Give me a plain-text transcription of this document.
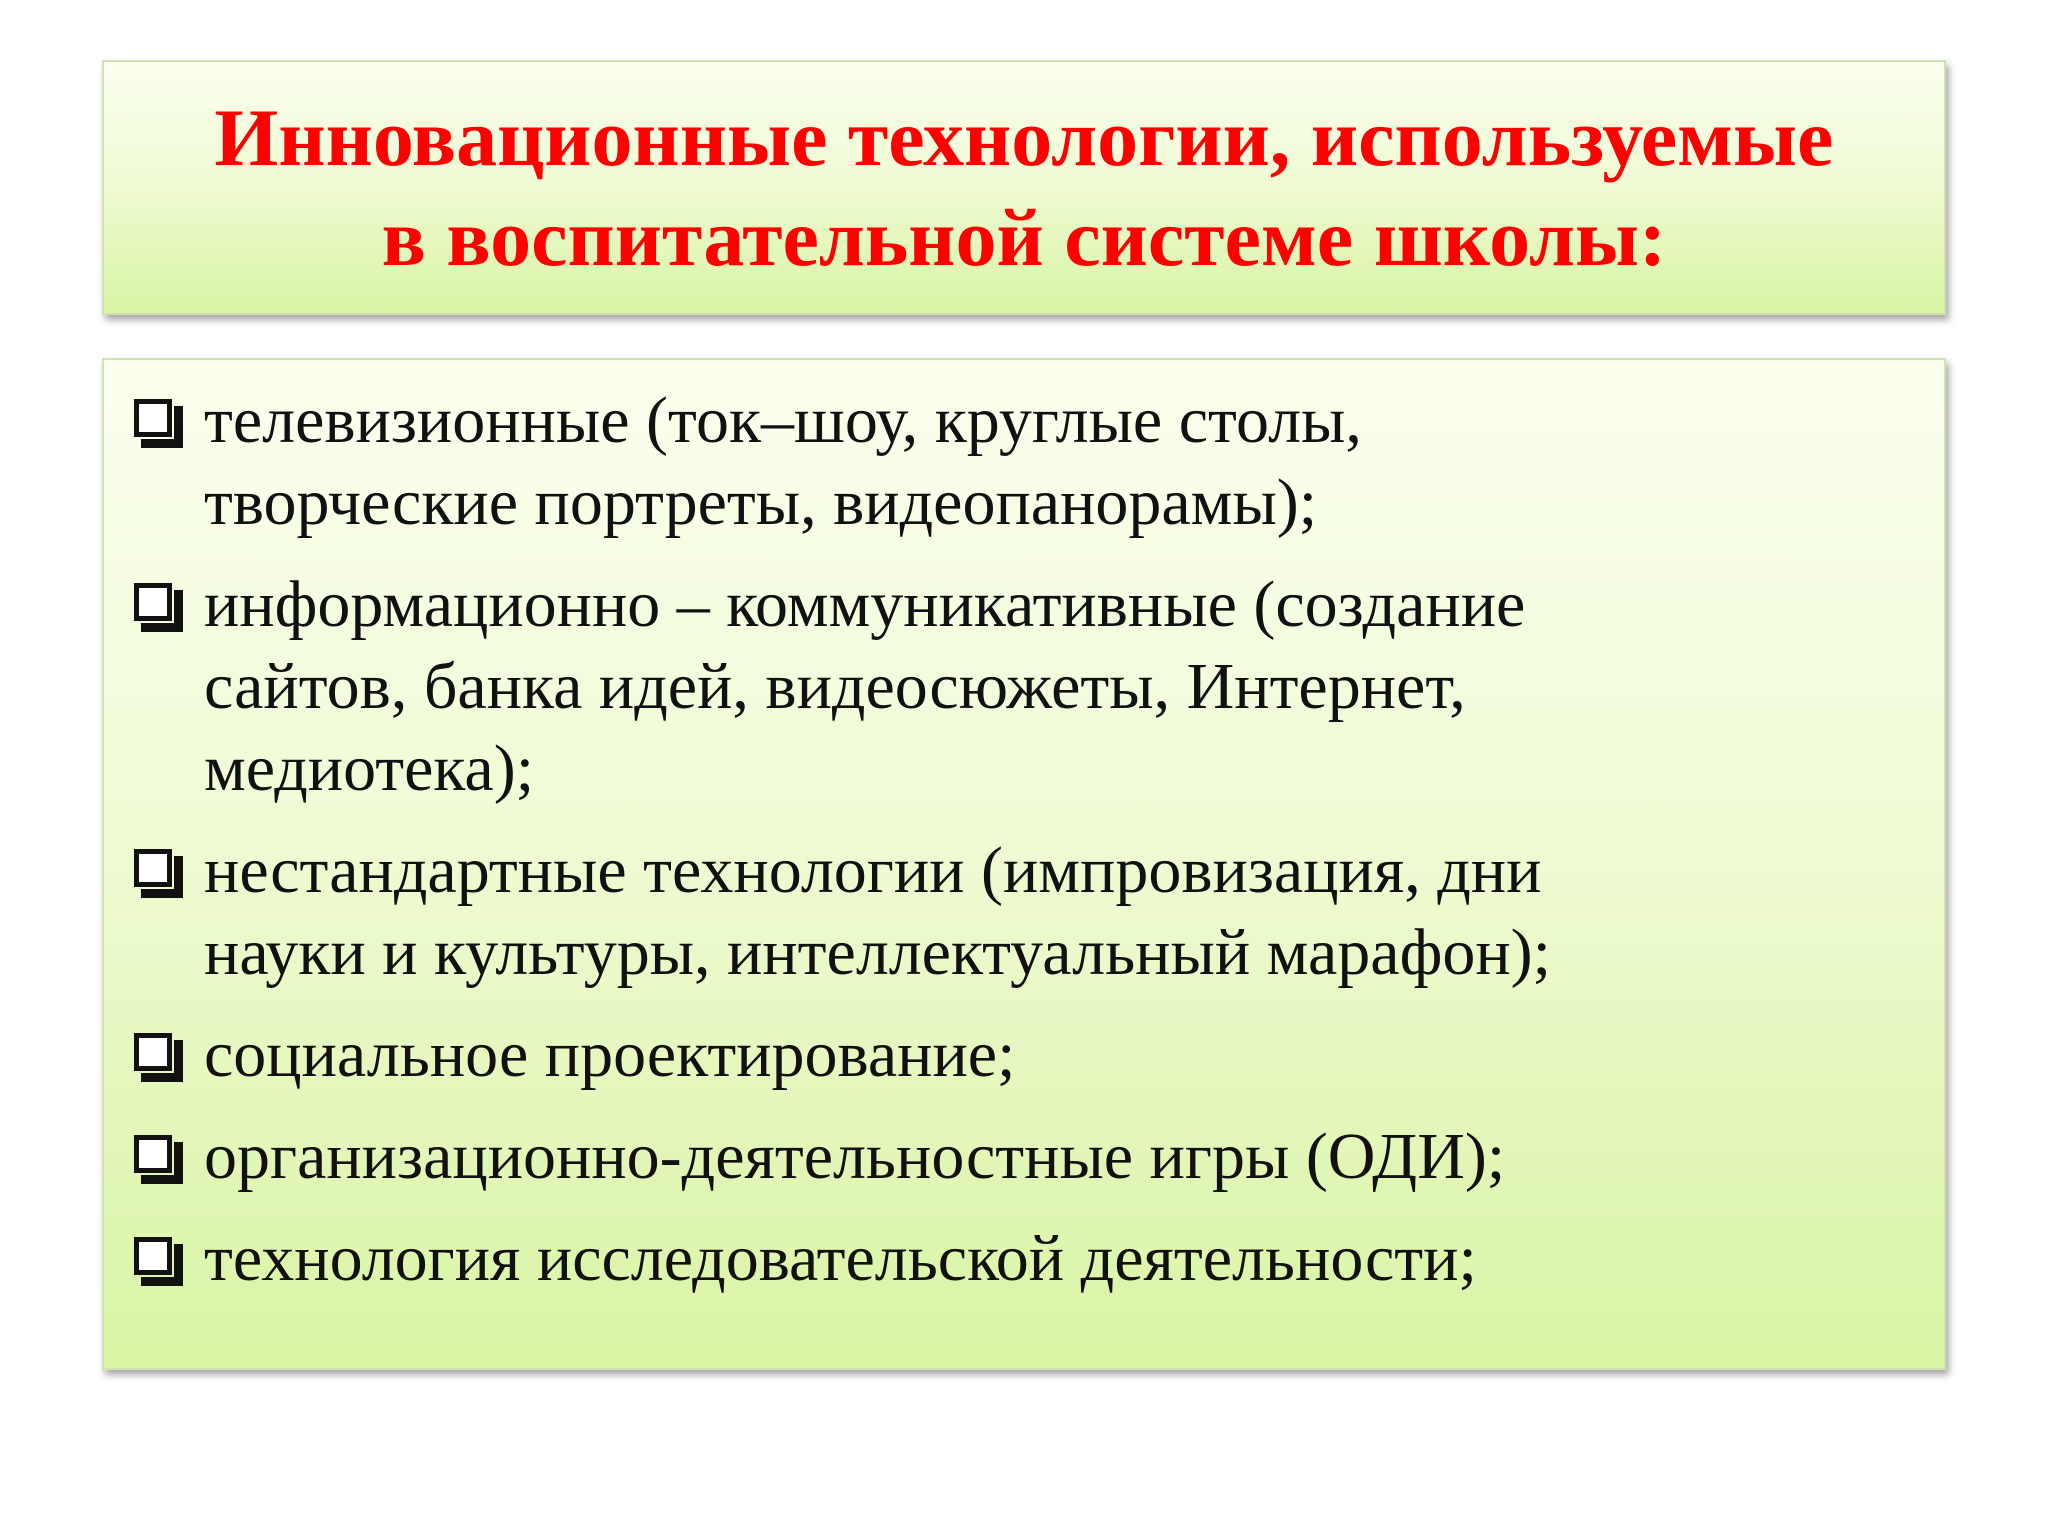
Инновационные технологии, используемые
в воспитательной системе школы:
телевизионные (ток–шоу, круглые столы,
творческие портреты, видеопанорамы);
информационно – коммуникативные (создание
сайтов, банка идей, видеосюжеты, Интернет,
медиотека);
нестандартные технологии (импровизация, дни
науки и культуры, интеллектуальный марафон);
социальное проектирование;
организационно-деятельностные игры (ОДИ);
технология исследовательской деятельности;
